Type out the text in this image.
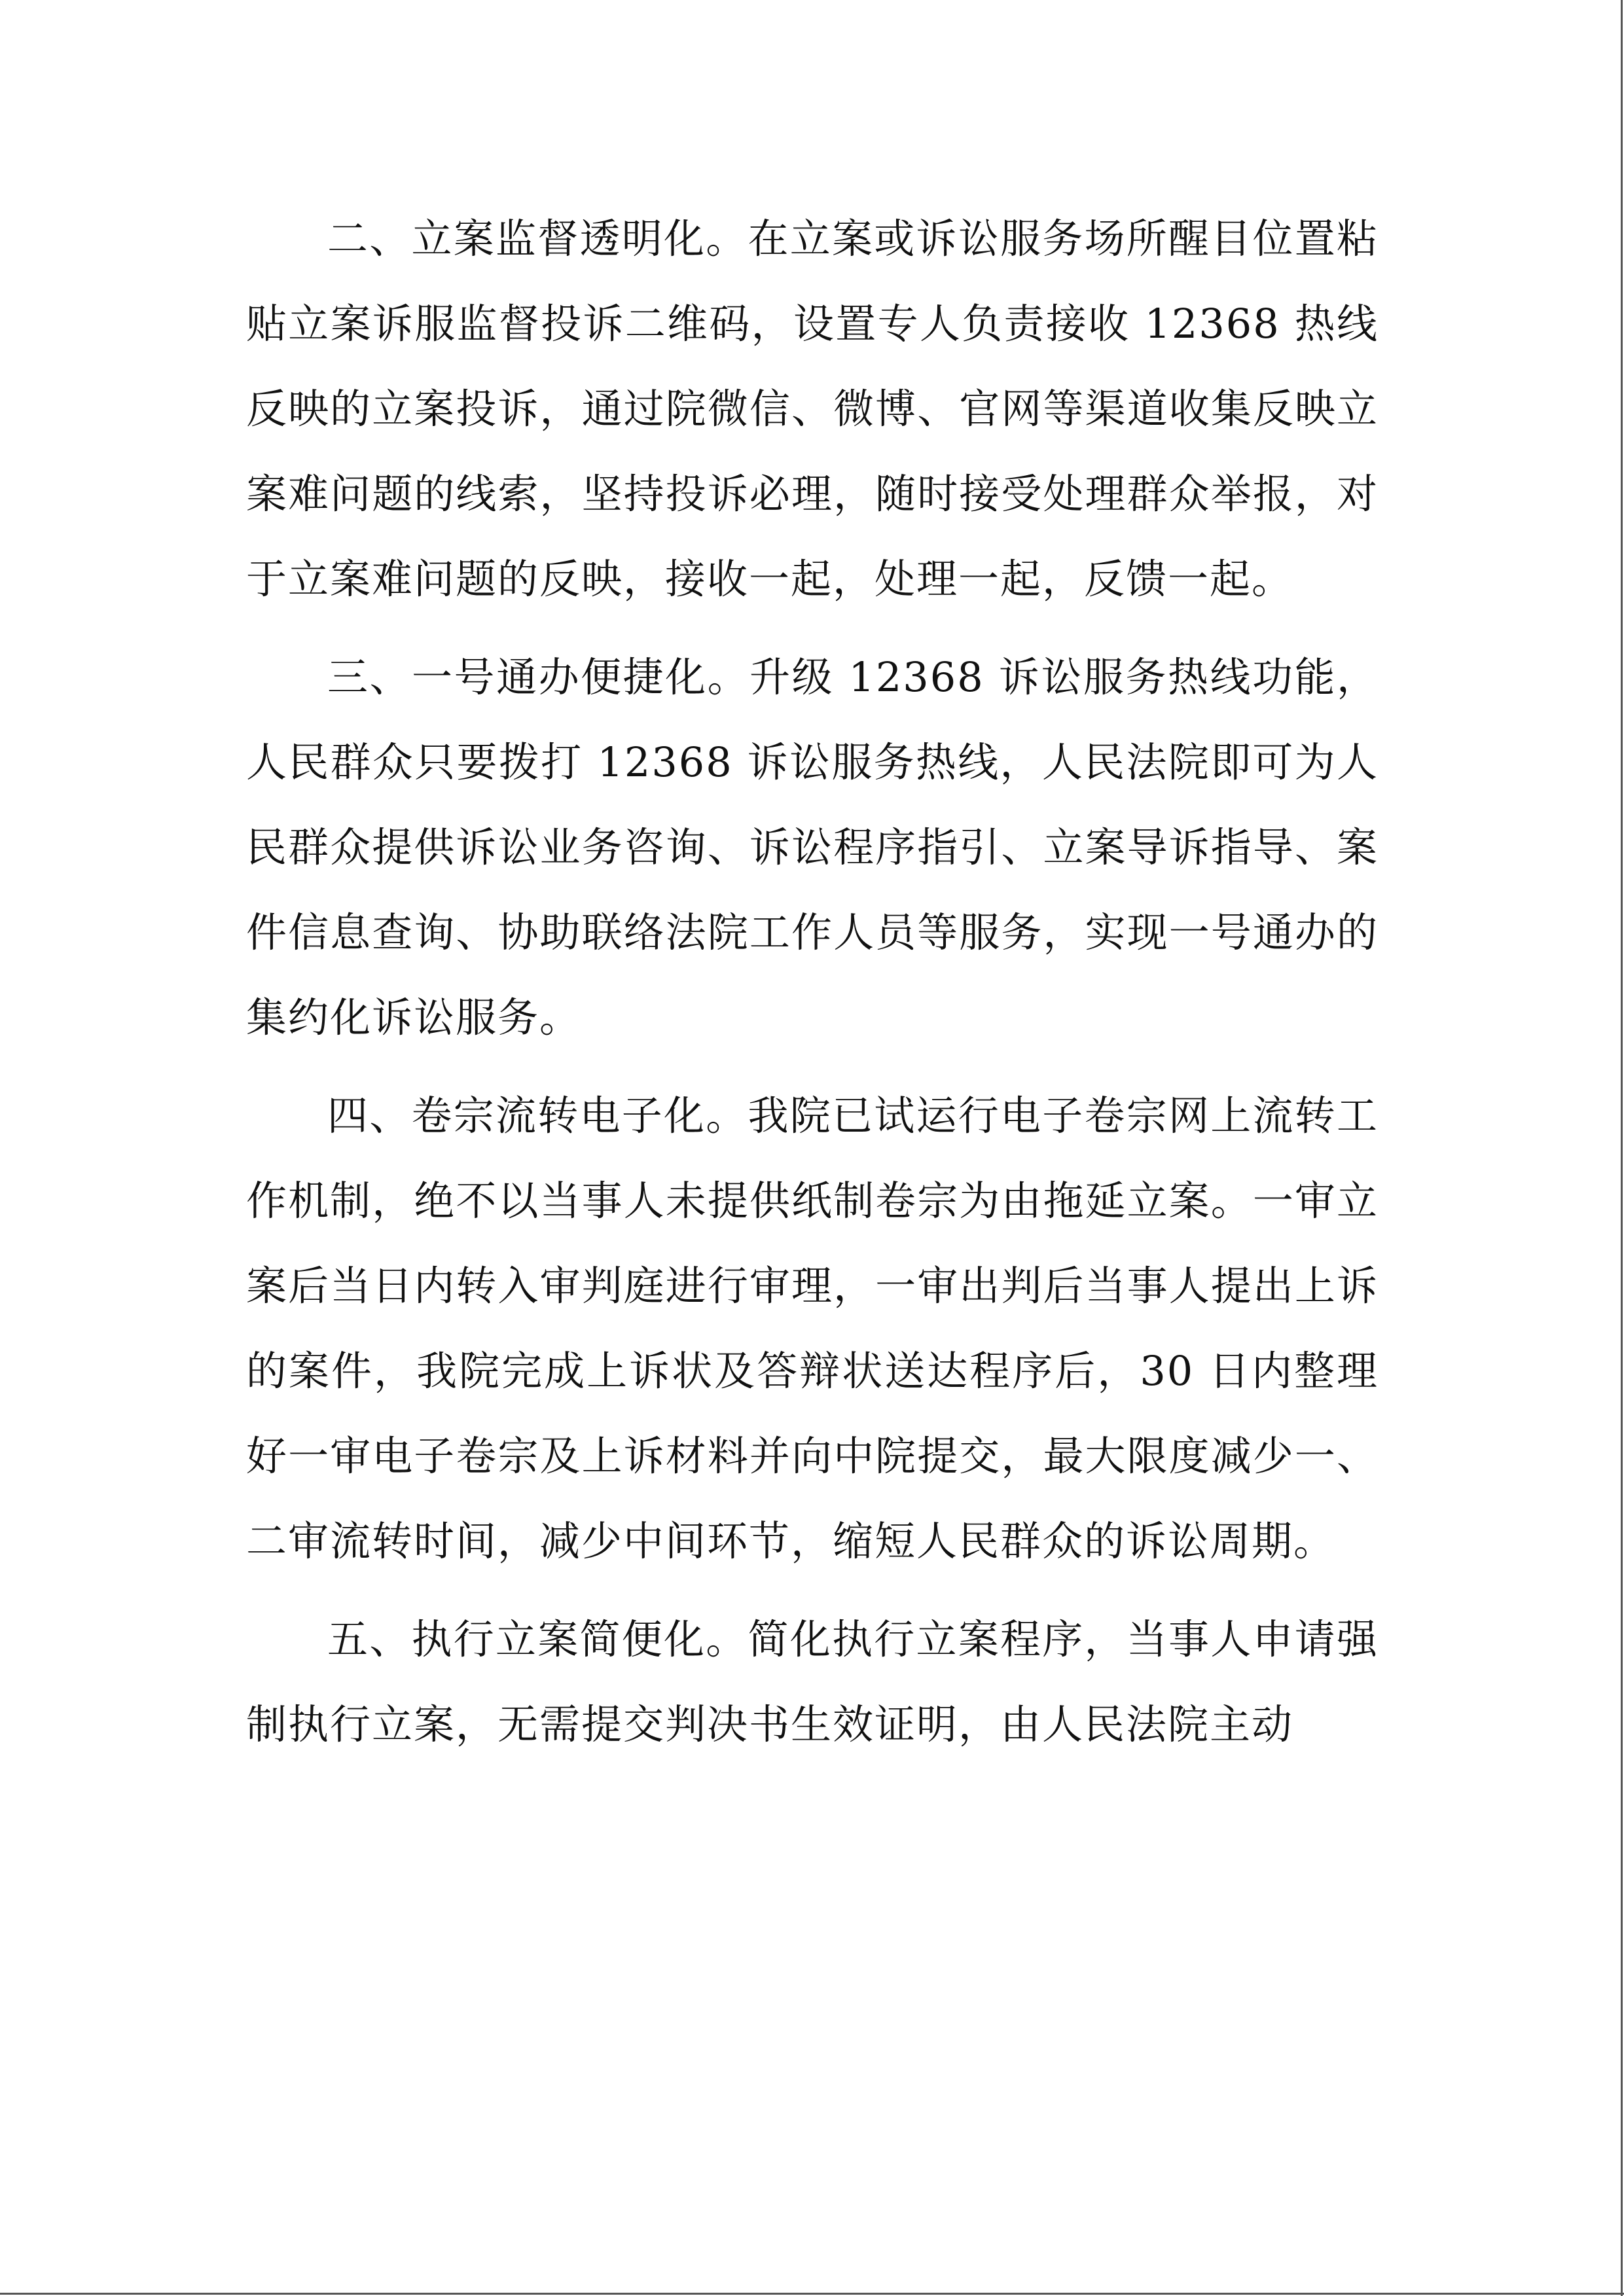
二、立案监督透明化。在立案或诉讼服务场所醒目位置粘贴立案诉服监督投诉二维码，设置专人负责接收 12368 热线反映的立案投诉，通过院微信、微博、官网等渠道收集反映立案难问题的线索，坚持投诉必理，随时接受处理群众举报，对于立案难问题的反映，接收一起，处理一起，反馈一起。

三、一号通办便捷化。升级 12368 诉讼服务热线功能，人民群众只要拨打 12368 诉讼服务热线，人民法院即可为人民群众提供诉讼业务咨询、诉讼程序指引、立案导诉指导、案件信息查询、协助联络法院工作人员等服务，实现一号通办的集约化诉讼服务。

四、卷宗流转电子化。我院已试运行电子卷宗网上流转工作机制，绝不以当事人未提供纸制卷宗为由拖延立案。一审立案后当日内转入审判庭进行审理，一审出判后当事人提出上诉的案件，我院完成上诉状及答辩状送达程序后，30 日内整理好一审电子卷宗及上诉材料并向中院提交，最大限度减少一、二审流转时间，减少中间环节，缩短人民群众的诉讼周期。

五、执行立案简便化。简化执行立案程序，当事人申请强制执行立案，无需提交判决书生效证明，由人民法院主动
